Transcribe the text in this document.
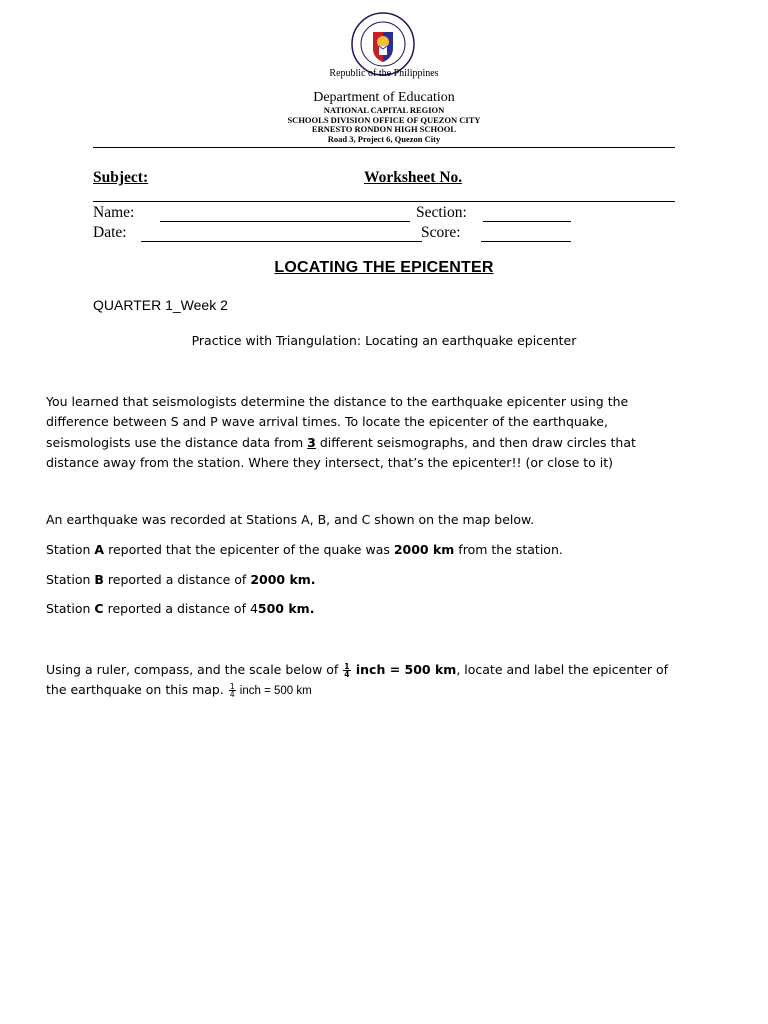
Republic of the Philippines
Department of Education
NATIONAL CAPITAL REGION
SCHOOLS DIVISION OFFICE OF QUEZON CITY
ERNESTO RONDON HIGH SCHOOL
Road 3, Project 6, Quezon City
Subject:	Worksheet No.
Name:	Section:
Date:	Score:
LOCATING THE EPICENTER
QUARTER 1_Week 2
Practice with Triangulation: Locating an earthquake epicenter
You learned that seismologists determine the distance to the earthquake epicenter using the
difference between S and P wave arrival times. To locate the epicenter of the earthquake,
seismologists use the distance data from 3 different seismographs, and then draw circles that
distance away from the station. Where they intersect, that’s the epicenter!! (or close to it)
An earthquake was recorded at Stations A, B, and C shown on the map below.
Station A reported that the epicenter of the quake was 2000 km from the station.
Station B reported a distance of 2000 km.
Station C reported a distance of 4500 km.
Using a ruler, compass, and the scale below of $\frac{1}{4}$ inch = 500 km, locate and label the epicenter of
the earthquake on this map. $\frac{1}{4}$ inch = 500 km
